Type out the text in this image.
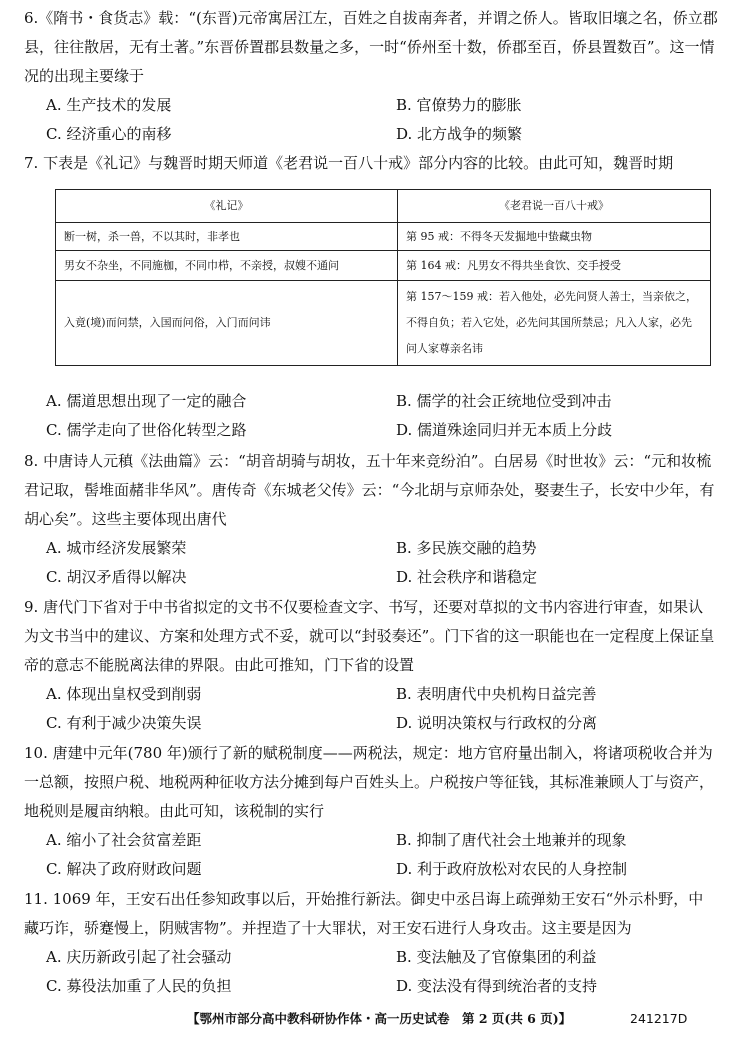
6.《隋书・食货志》载：“(东晋)元帝寓居江左，百姓之自拔南奔者，并谓之侨人。皆取旧壤之名，侨立郡县，往往散居，无有土著。”东晋侨置郡县数量之多，一时“侨州至十数，侨郡至百，侨县置数百”。这一情况的出现主要缘于

A. 生产技术的发展	B. 官僚势力的膨胀
C. 经济重心的南移	D. 北方战争的频繁

7. 下表是《礼记》与魏晋时期天师道《老君说一百八十戒》部分内容的比较。由此可知，魏晋时期

《礼记》	《老君说一百八十戒》
断一树，杀一兽，不以其时，非孝也	第 95 戒：不得冬天发掘地中蛰藏虫物
男女不杂坐，不同施枷，不同巾栉，不亲授，叔嫂不通问	第 164 戒：凡男女不得共坐食饮、交手授受
入竟(境)而问禁，入国而问俗，入门而问讳	第 157～159 戒：若入他处，必先问贤人善士，当亲依之，不得自负；若入它处，必先问其国所禁忌；凡入人家，必先问人家尊亲名讳
A. 儒道思想出现了一定的融合	B. 儒学的社会正统地位受到冲击
C. 儒学走向了世俗化转型之路	D. 儒道殊途同归并无本质上分歧

8. 中唐诗人元稹《法曲篇》云：“胡音胡骑与胡妆，五十年来竞纷泊”。白居易《时世妆》云：“元和妆梳君记取，髻堆面赭非华风”。唐传奇《东城老父传》云：“今北胡与京师杂处，娶妻生子，长安中少年，有胡心矣”。这些主要体现出唐代

A. 城市经济发展繁荣	B. 多民族交融的趋势
C. 胡汉矛盾得以解决	D. 社会秩序和谐稳定

9. 唐代门下省对于中书省拟定的文书不仅要检查文字、书写，还要对草拟的文书内容进行审查，如果认为文书当中的建议、方案和处理方式不妥，就可以“封驳奏还”。门下省的这一职能也在一定程度上保证皇帝的意志不能脱离法律的界限。由此可推知，门下省的设置

A. 体现出皇权受到削弱	B. 表明唐代中央机构日益完善
C. 有利于减少决策失误	D. 说明决策权与行政权的分离

10. 唐建中元年(780 年)颁行了新的赋税制度——两税法，规定：地方官府量出制入，将诸项税收合并为一总额，按照户税、地税两种征收方法分摊到每户百姓头上。户税按户等征钱，其标准兼顾人丁与资产，地税则是履亩纳粮。由此可知，该税制的实行

A. 缩小了社会贫富差距	B. 抑制了唐代社会土地兼并的现象
C. 解决了政府财政问题	D. 利于政府放松对农民的人身控制

11. 1069 年，王安石出任参知政事以后，开始推行新法。御史中丞吕诲上疏弹劾王安石“外示朴野，中藏巧诈，骄蹇慢上，阴贼害物”。并捏造了十大罪状，对王安石进行人身攻击。这主要是因为

A. 庆历新政引起了社会骚动	B. 变法触及了官僚集团的利益
C. 募役法加重了人民的负担	D. 变法没有得到统治者的支持
【鄂州市部分高中教科研协作体・高一历史试卷　第 2 页(共 6 页)】	241217D
